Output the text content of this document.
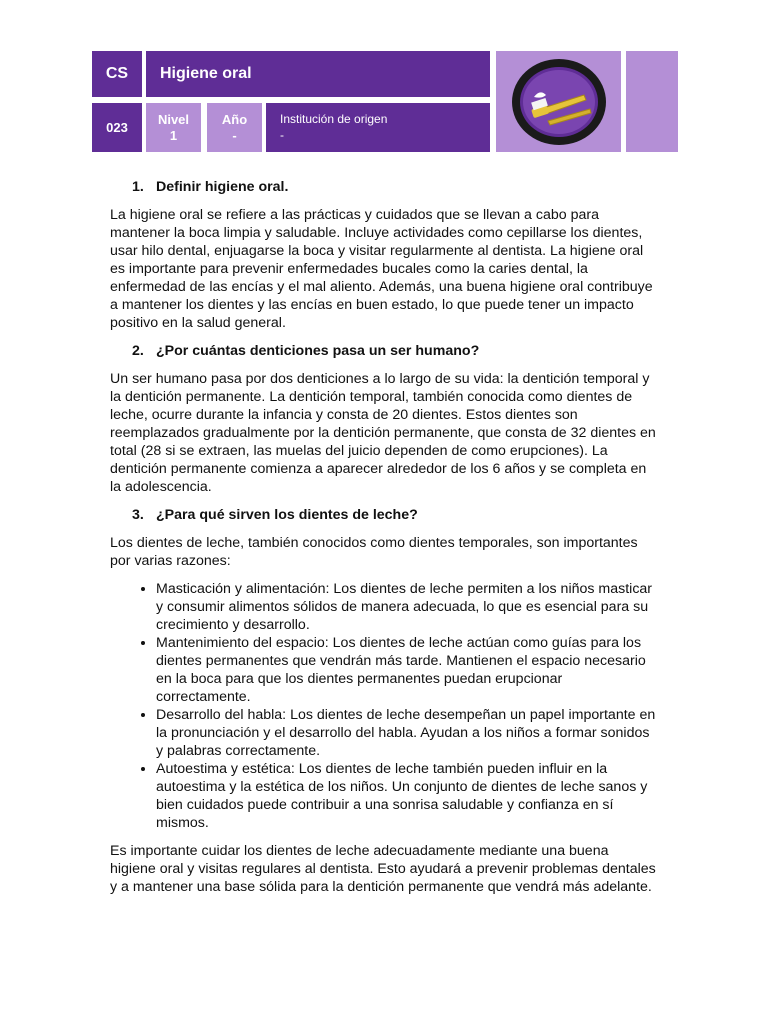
CS Higiene oral
023
Nivel
1
Año
-
Institución de origen
-
1. Definir higiene oral.

La higiene oral se refiere a las prácticas y cuidados que se llevan a cabo para mantener la boca limpia y saludable. Incluye actividades como cepillarse los dientes, usar hilo dental, enjuagarse la boca y visitar regularmente al dentista. La higiene oral es importante para prevenir enfermedades bucales como la caries dental, la enfermedad de las encías y el mal aliento. Además, una buena higiene oral contribuye a mantener los dientes y las encías en buen estado, lo que puede tener un impacto positivo en la salud general.

2. ¿Por cuántas denticiones pasa un ser humano?

Un ser humano pasa por dos denticiones a lo largo de su vida: la dentición temporal y la dentición permanente. La dentición temporal, también conocida como dientes de leche, ocurre durante la infancia y consta de 20 dientes. Estos dientes son reemplazados gradualmente por la dentición permanente, que consta de 32 dientes en total (28 si se extraen, las muelas del juicio dependen de como erupciones). La dentición permanente comienza a aparecer alrededor de los 6 años y se completa en la adolescencia.

3. ¿Para qué sirven los dientes de leche?

Los dientes de leche, también conocidos como dientes temporales, son importantes por varias razones:

• Masticación y alimentación: Los dientes de leche permiten a los niños masticar y consumir alimentos sólidos de manera adecuada, lo que es esencial para su crecimiento y desarrollo.
• Mantenimiento del espacio: Los dientes de leche actúan como guías para los dientes permanentes que vendrán más tarde. Mantienen el espacio necesario en la boca para que los dientes permanentes puedan erupcionar correctamente.
• Desarrollo del habla: Los dientes de leche desempeñan un papel importante en la pronunciación y el desarrollo del habla. Ayudan a los niños a formar sonidos y palabras correctamente.
• Autoestima y estética: Los dientes de leche también pueden influir en la autoestima y la estética de los niños. Un conjunto de dientes de leche sanos y bien cuidados puede contribuir a una sonrisa saludable y confianza en sí mismos.

Es importante cuidar los dientes de leche adecuadamente mediante una buena higiene oral y visitas regulares al dentista. Esto ayudará a prevenir problemas dentales y a mantener una base sólida para la dentición permanente que vendrá más adelante.
